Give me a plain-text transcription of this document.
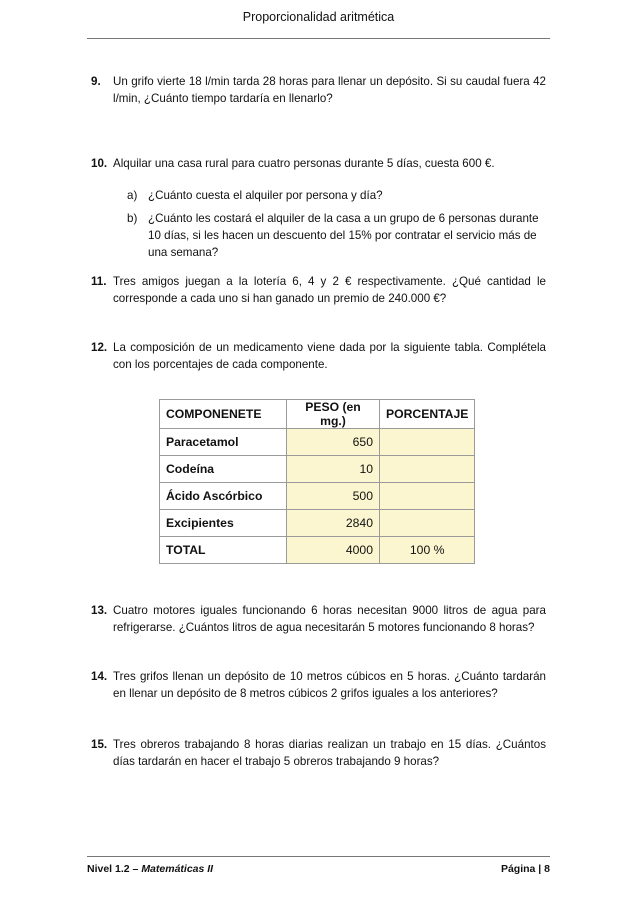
Proporcionalidad aritmética
9.	Un grifo vierte 18 l/min tarda 28 horas para llenar un depósito. Si su caudal fuera 42 l/min, ¿Cuánto tiempo tardaría en llenarlo?
10. Alquilar una casa rural para cuatro personas durante 5 días, cuesta 600 €.
a) ¿Cuánto cuesta el alquiler por persona y día?
b) ¿Cuánto les costará el alquiler de la casa a un grupo de 6 personas durante 10 días, si les hacen un descuento del 15% por contratar el servicio más de una semana?
11. Tres amigos juegan a la lotería 6, 4 y 2 € respectivamente. ¿Qué cantidad le corresponde a cada uno si han ganado un premio de 240.000 €?
12. La composición de un medicamento viene dada por la siguiente tabla. Complétela con los porcentajes de cada componente.
COMPONENETE	PESO (en mg.)	PORCENTAJE
Paracetamol	650	
Codeína	10	
Ácido Ascórbico	500	
Excipientes	2840	
TOTAL	4000	100 %
13. Cuatro motores iguales funcionando 6 horas necesitan 9000 litros de agua para refrigerarse. ¿Cuántos litros de agua necesitarán 5 motores funcionando 8 horas?
14. Tres grifos llenan un depósito de 10 metros cúbicos en 5 horas. ¿Cuánto tardarán en llenar un depósito de 8 metros cúbicos 2 grifos iguales a los anteriores?
15. Tres obreros trabajando 8 horas diarias realizan un trabajo en 15 días. ¿Cuántos días tardarán en hacer el trabajo 5 obreros trabajando 9 horas?
Nivel 1.2 – Matemáticas II	Página | 8
